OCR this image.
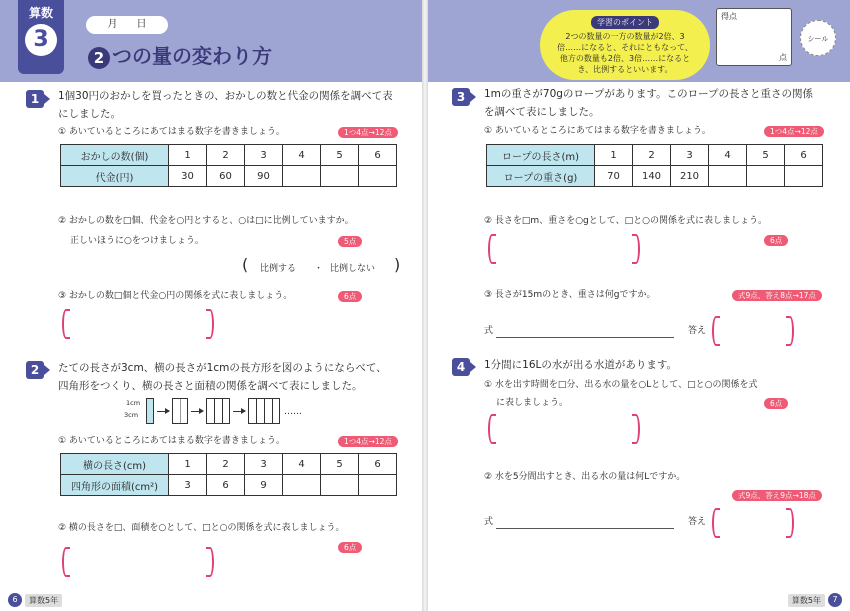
算数
3
月 日
2 つの量の変わり方
学習のポイント
2つの数量の一方の数量が2倍、3倍……になると、それにともなって、他方の数量も2倍、3倍……になるとき、比例するといいます。
得点
点
シール
1	1個30円のおかしを買ったときの、おかしの数と代金の関係を調べて表
にしました。
① あいているところにあてはまる数字を書きましょう。	1つ4点→12点
おかしの数(個)	1	2	3	4	5	6
代金(円)	30	60	90			
② おかしの数を□個、代金を○円とすると、○は□に比例していますか。
正しいほうに○をつけましょう。	5点
( 比例する ・ 比例しない )
③ おかしの数□個と代金○円の関係を式に表しましょう。	6点
2	たての長さが3cm、横の長さが1cmの長方形を図のようにならべて、
四角形をつくり、横の長さと面積の関係を調べて表にしました。
1cm
3cm	……
① あいているところにあてはまる数字を書きましょう。	1つ4点→12点
横の長さ(cm)	1	2	3	4	5	6
四角形の面積(cm²)	3	6	9			
② 横の長さを□、面積を○として、□と○の関係を式に表しましょう。
6点
6	算数5年
3	1mの重さが70gのロープがあります。このロープの長さと重さの関係
を調べて表にしました。
① あいているところにあてはまる数字を書きましょう。	1つ4点→12点
ロープの長さ(m)	1	2	3	4	5	6
ロープの重さ(g)	70	140	210			
② 長さを□m、重さを○gとして、□と○の関係を式に表しましょう。
6点
③ 長さが15mのとき、重さは何gですか。	式9点、答え8点→17点
式	答え
4	1分間に16Lの水が出る水道があります。
① 水を出す時間を□分、出る水の量を○Lとして、□と○の関係を式
に表しましょう。	6点
② 水を5分間出すとき、出る水の量は何Lですか。
式9点、答え9点→18点
式	答え
算数5年	7
